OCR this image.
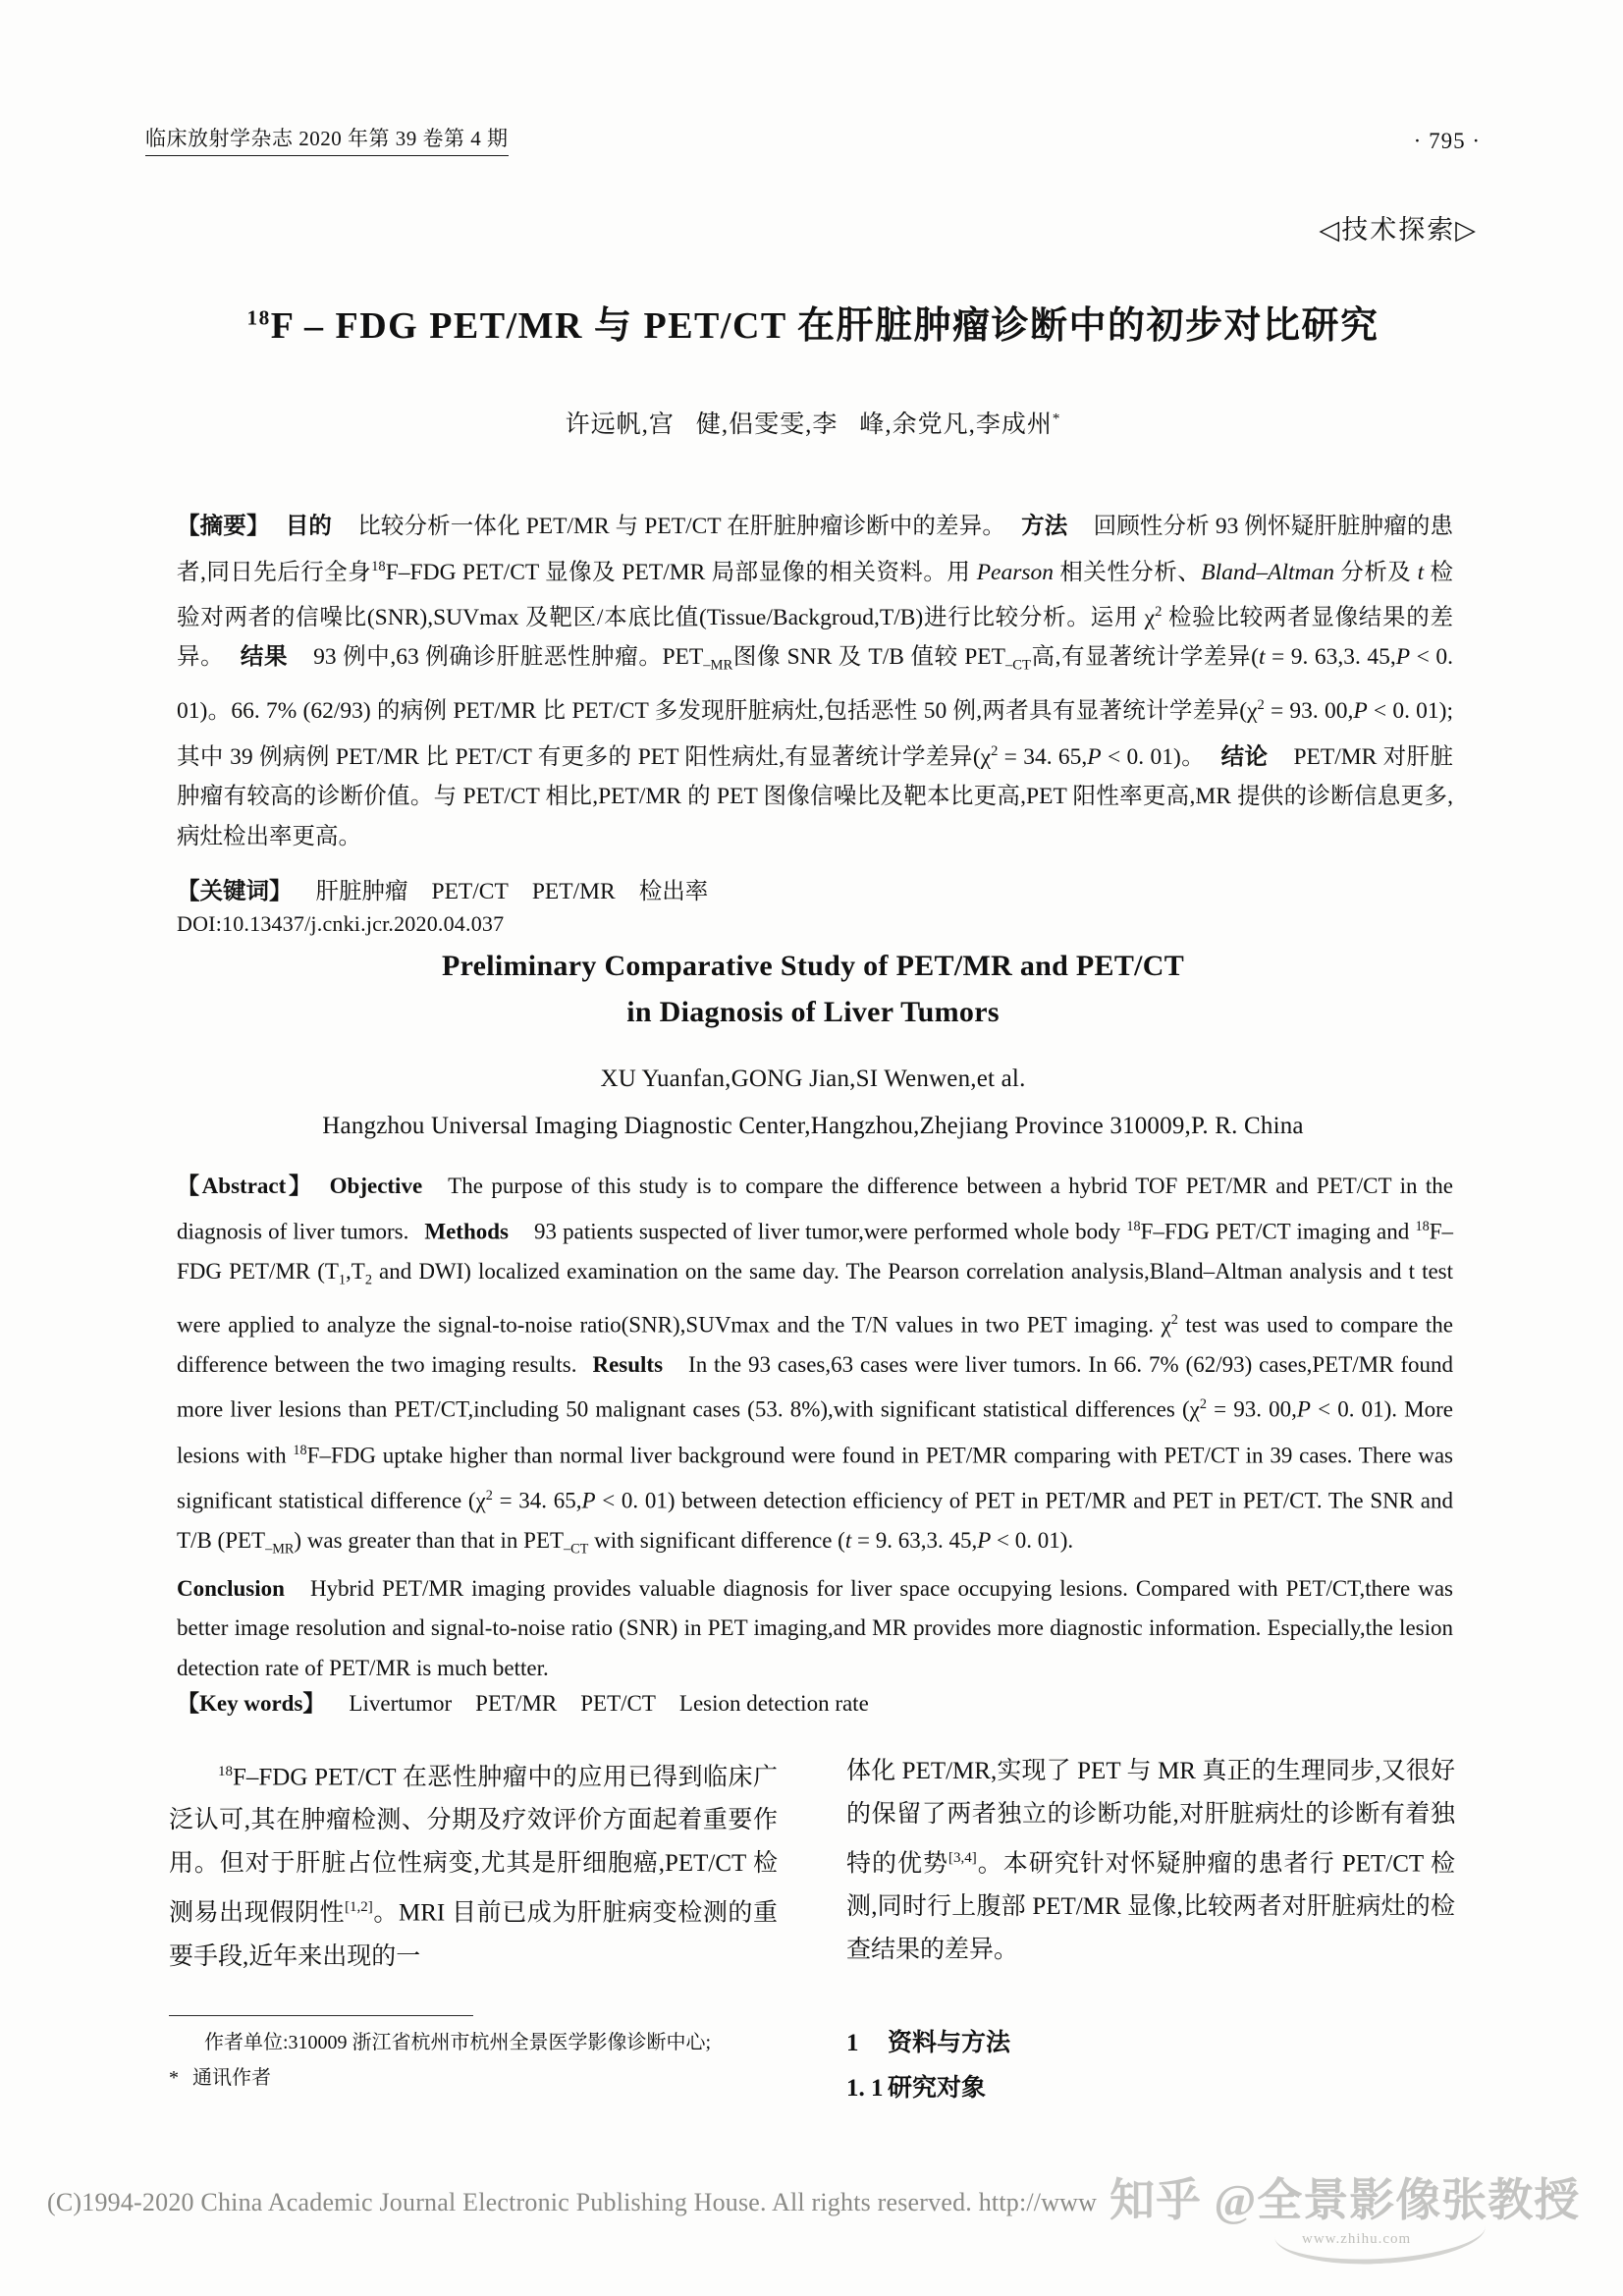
临床放射学杂志 2020 年第 39 卷第 4 期	· 795 ·
◁技术探索▷
$^{18}$F – FDG PET/MR 与 PET/CT 在肝脏肿瘤诊断中的初步对比研究
许远帆,宫 健,侣雯雯,李 峰,余党凡,李成州*

【摘要】 目的 比较分析一体化 PET/MR 与 PET/CT 在肝脏肿瘤诊断中的差异。 方法 回顾性分析 93 例怀疑肝脏肿瘤的患者,同日先后行全身$^{18}$F–FDG PET/CT 显像及 PET/MR 局部显像的相关资料。用 Pearson 相关性分析、Bland–Altman 分析及 t 检验对两者的信噪比(SNR),SUVmax 及靶区/本底比值(Tissue/Backgroud,T/B)进行比较分析。运用 $\chi^2$ 检验比较两者显像结果的差异。 结果 93 例中,63 例确诊肝脏恶性肿瘤。$PET_{-MR}$图像 SNR 及 T/B 值较 $PET_{-CT}$高,有显著统计学差异(t = 9. 63,3. 45,P < 0. 01)。66. 7% (62/93) 的病例 PET/MR 比 PET/CT 多发现肝脏病灶,包括恶性 50 例,两者具有显著统计学差异($\chi^2 = 93$. 00,P < 0. 01);其中 39 例病例 PET/MR 比 PET/CT 有更多的 PET 阳性病灶,有显著统计学差异($\chi^2 = 34$. 65,P < 0. 01)。 结论 PET/MR 对肝脏肿瘤有较高的诊断价值。与 PET/CT 相比,PET/MR 的 PET 图像信噪比及靶本比更高,PET 阳性率更高,MR 提供的诊断信息更多,病灶检出率更高。

【关键词】 肝脏肿瘤 PET/CT PET/MR 检出率
DOI:10.13437/j.cnki.jcr.2020.04.037
Preliminary Comparative Study of PET/MR and PET/CT
in Diagnosis of Liver Tumors
XU Yuanfan,GONG Jian,SI Wenwen,et al.
Hangzhou Universal Imaging Diagnostic Center,Hangzhou,Zhejiang Province 310009,P. R. China

【Abstract】 Objective The purpose of this study is to compare the difference between a hybrid TOF PET/MR and PET/CT in the diagnosis of liver tumors. Methods 93 patients suspected of liver tumor,were performed whole body $^{18}$F–FDG PET/CT imaging and $^{18}$F–FDG PET/MR ($T_1,T_2$ and DWI) localized examination on the same day. The Pearson correlation analysis,Bland–Altman analysis and t test were applied to analyze the signal-to-noise ratio(SNR),SUVmax and the T/N values in two PET imaging. $\chi^2$ test was used to compare the difference between the two imaging results. Results In the 93 cases,63 cases were liver tumors. In 66. 7% (62/93) cases,PET/MR found more liver lesions than PET/CT,including 50 malignant cases (53. 8%),with significant statistical differences ($\chi^2 = 93$. 00,P < 0. 01). More lesions with $^{18}$F–FDG uptake higher than normal liver background were found in PET/MR comparing with PET/CT in 39 cases. There was significant statistical difference ($\chi^2 = 34$. 65,P < 0. 01) between detection efficiency of PET in PET/MR and PET in PET/CT. The SNR and T/B $(PET_{-MR})$ was greater than that in $PET_{-CT}$ with significant difference (t = 9. 63,3. 45,P < 0. 01).
Conclusion Hybrid PET/MR imaging provides valuable diagnosis for liver space occupying lesions. Compared with PET/CT,there was better image resolution and signal-to-noise ratio (SNR) in PET imaging,and MR provides more diagnostic information. Especially,the lesion detection rate of PET/MR is much better.

【Key words】 Livertumor PET/MR PET/CT Lesion detection rate

$^{18}$F–FDG PET/CT 在恶性肿瘤中的应用已得到临床广泛认可,其在肿瘤检测、分期及疗效评价方面起着重要作用。但对于肝脏占位性病变,尤其是肝细胞癌,PET/CT 检测易出现假阴性[1,2]。MRI 目前已成为肝脏病变检测的重要手段,近年来出现的一

体化 PET/MR,实现了 PET 与 MR 真正的生理同步,又很好的保留了两者独立的诊断功能,对肝脏病灶的诊断有着独特的优势[3,4]。本研究针对怀疑肿瘤的患者行 PET/CT 检测,同时行上腹部 PET/MR 显像,比较两者对肝脏病灶的检查结果的差异。

作者单位:310009 浙江省杭州市杭州全景医学影像诊断中心;

* 通讯作者

1 资料与方法

1. 1 研究对象

(C)1994-2020 China Academic Journal Electronic Publishing House. All rights reserved. http://www 知乎 @全景影像张教授
www.zhihu.com
